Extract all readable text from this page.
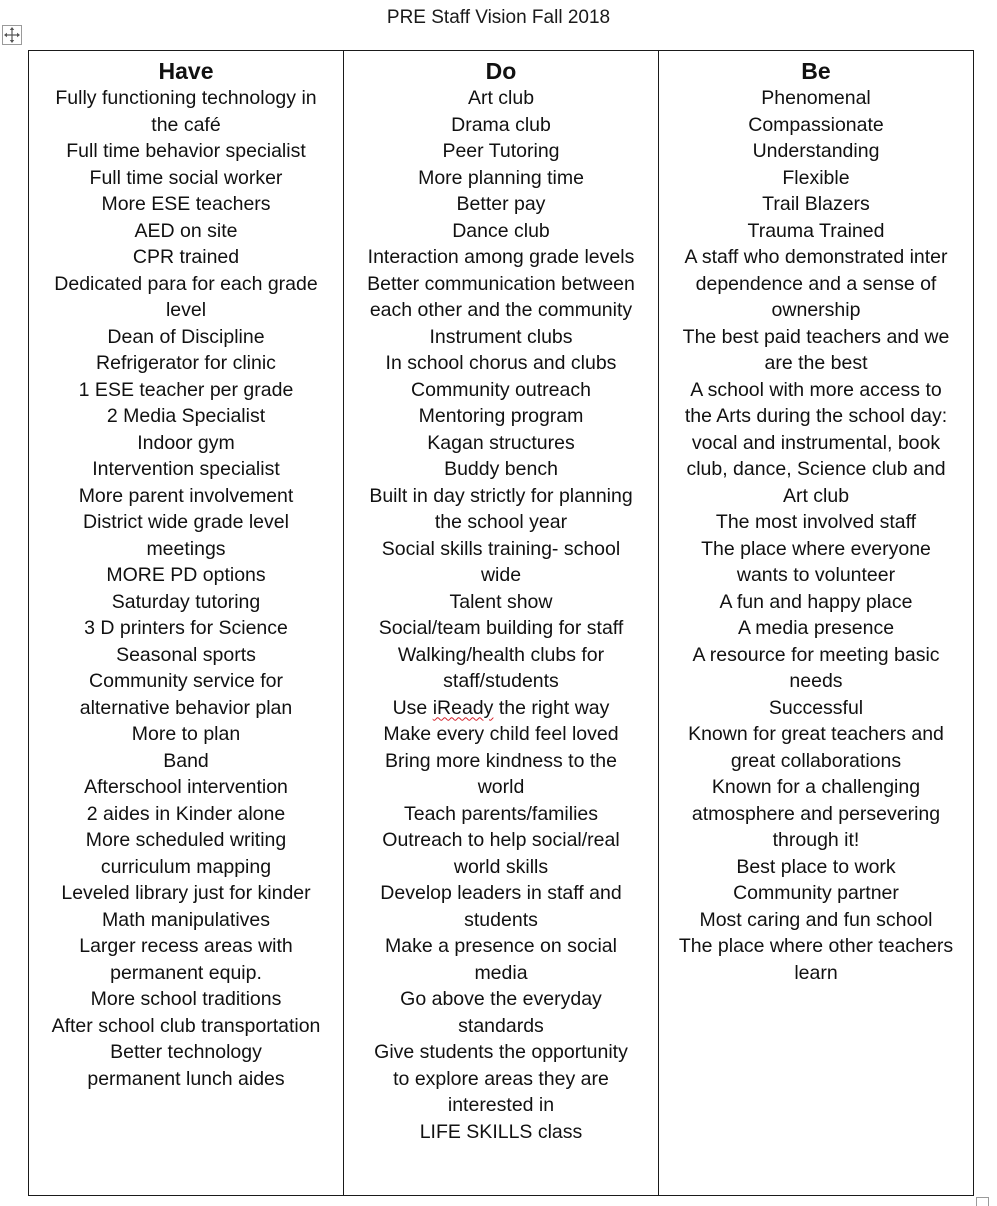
PRE Staff Vision Fall 2018
Have
Fully functioning technology in
the café
Full time behavior specialist
Full time social worker
More ESE teachers
AED on site
CPR trained
Dedicated para for each grade
level
Dean of Discipline
Refrigerator for clinic
1 ESE teacher per grade
2 Media Specialist
Indoor gym
Intervention specialist
More parent involvement
District wide grade level
meetings
MORE PD options
Saturday tutoring
3 D printers for Science
Seasonal sports
Community service for
alternative behavior plan
More to plan
Band
Afterschool intervention
2 aides in Kinder alone
More scheduled writing
curriculum mapping
Leveled library just for kinder
Math manipulatives
Larger recess areas with
permanent equip.
More school traditions
After school club transportation
Better technology
permanent lunch aides
Do
Art club
Drama club
Peer Tutoring
More planning time
Better pay
Dance club
Interaction among grade levels
Better communication between
each other and the community
Instrument clubs
In school chorus and clubs
Community outreach
Mentoring program
Kagan structures
Buddy bench
Built in day strictly for planning
the school year
Social skills training- school
wide
Talent show
Social/team building for staff
Walking/health clubs for
staff/students
Use iReady the right way
Make every child feel loved
Bring more kindness to the
world
Teach parents/families
Outreach to help social/real
world skills
Develop leaders in staff and
students
Make a presence on social
media
Go above the everyday
standards
Give students the opportunity
to explore areas they are
interested in
LIFE SKILLS class
Be
Phenomenal
Compassionate
Understanding
Flexible
Trail Blazers
Trauma Trained
A staff who demonstrated inter
dependence and a sense of
ownership
The best paid teachers and we
are the best
A school with more access to
the Arts during the school day:
vocal and instrumental, book
club, dance, Science club and
Art club
The most involved staff
The place where everyone
wants to volunteer
A fun and happy place
A media presence
A resource for meeting basic
needs
Successful
Known for great teachers and
great collaborations
Known for a challenging
atmosphere and persevering
through it!
Best place to work
Community partner
Most caring and fun school
The place where other teachers
learn
